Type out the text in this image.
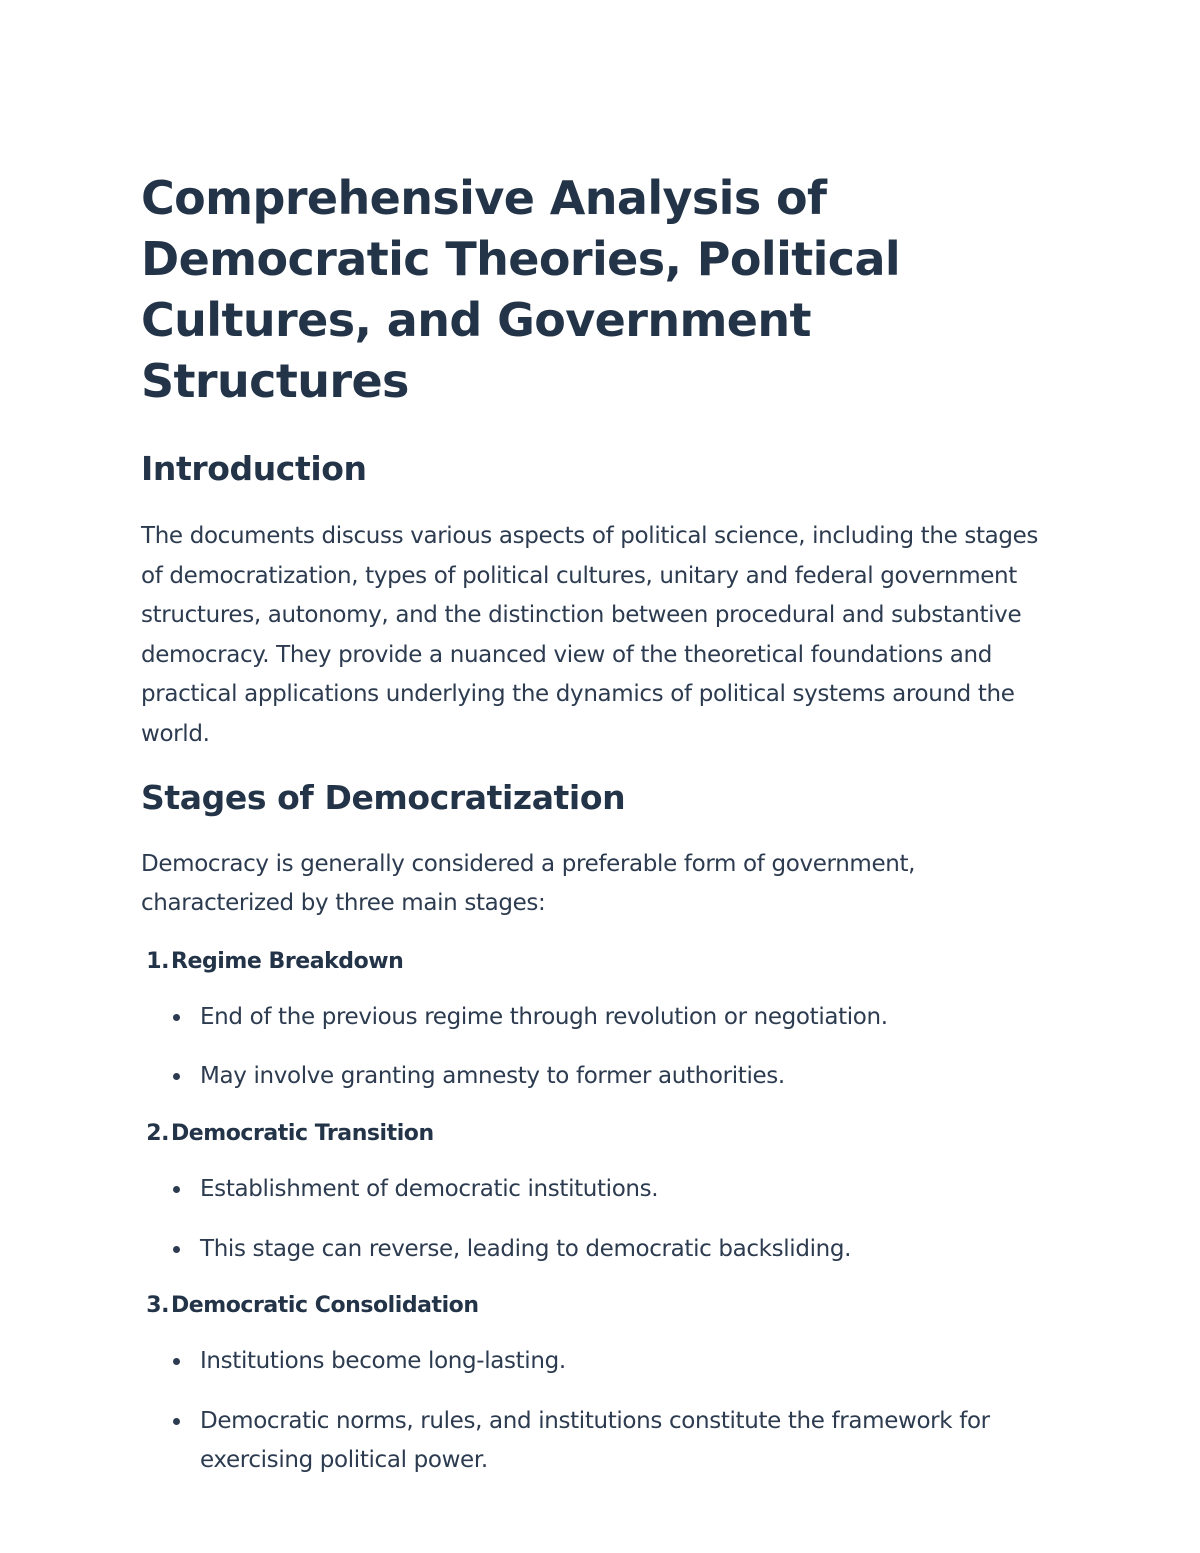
Comprehensive Analysis of Democratic Theories, Political Cultures, and Government Structures
Introduction

The documents discuss various aspects of political science, including the stages of democratization, types of political cultures, unitary and federal government structures, autonomy, and the distinction between procedural and substantive democracy. They provide a nuanced view of the theoretical foundations and practical applications underlying the dynamics of political systems around the world.

Stages of Democratization

Democracy is generally considered a preferable form of government, characterized by three main stages:

1. Regime Breakdown
End of the previous regime through revolution or negotiation.
May involve granting amnesty to former authorities.
2. Democratic Transition
Establishment of democratic institutions.
This stage can reverse, leading to democratic backsliding.
3. Democratic Consolidation
Institutions become long-lasting.
Democratic norms, rules, and institutions constitute the framework for exercising political power.
